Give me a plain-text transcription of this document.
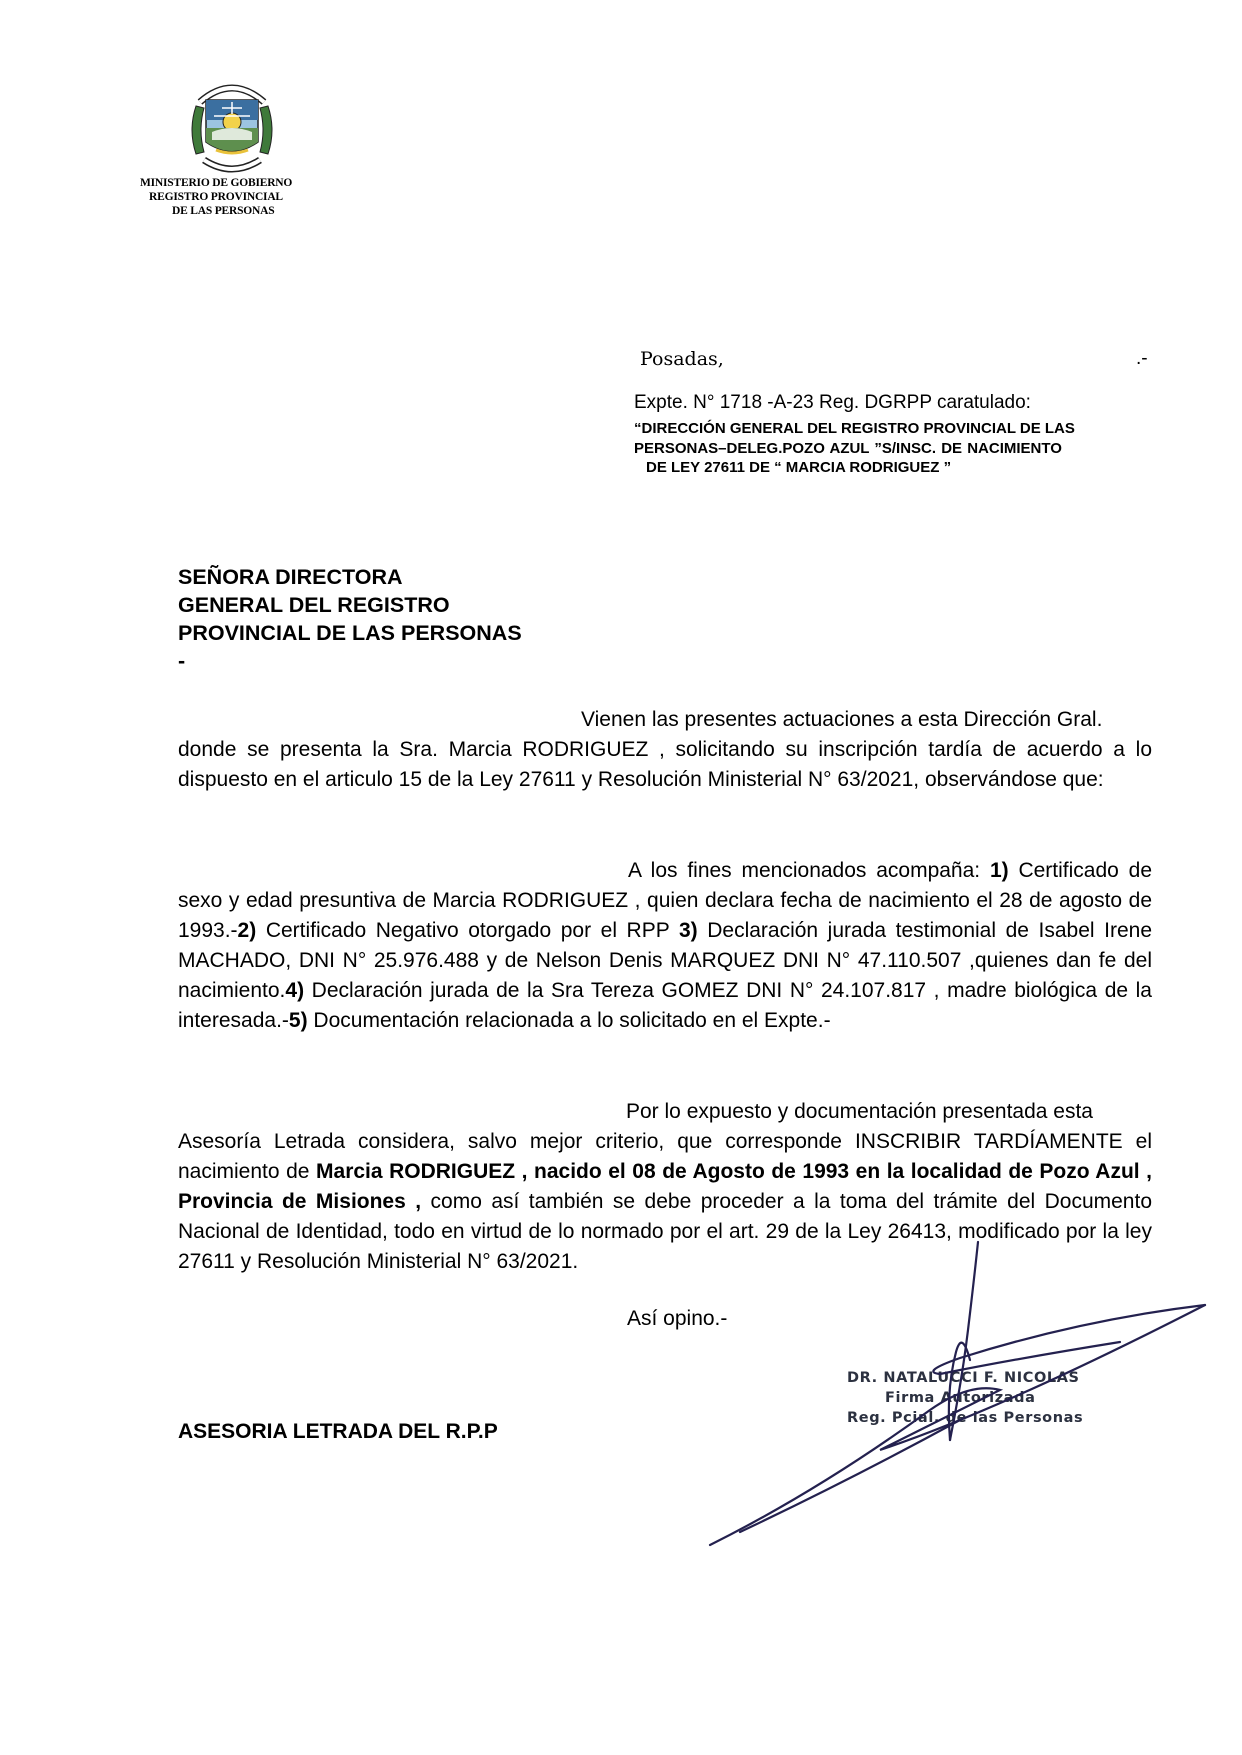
MINISTERIO DE GOBIERNO
REGISTRO PROVINCIAL
DE LAS PERSONAS
Posadas,	.-
Expte. N° 1718 -A-23 Reg. DGRPP caratulado:
“DIRECCIÓN GENERAL DEL REGISTRO PROVINCIAL DE LAS
PERSONAS–DELEG.POZO AZUL ”S/INSC. DE NACIMIENTO
DE LEY 27611 DE “ MARCIA RODRIGUEZ ”
SEÑORA DIRECTORA
GENERAL DEL REGISTRO
PROVINCIAL DE LAS PERSONAS
-
Vienen las presentes actuaciones a esta Dirección Gral.
donde se presenta la Sra. Marcia RODRIGUEZ , solicitando su inscripción tardía de acuerdo a lo dispuesto en el articulo 15 de la Ley 27611 y Resolución Ministerial N° 63/2021, observándose que:
A los fines mencionados acompaña: 1) Certificado de sexo y edad presuntiva de Marcia RODRIGUEZ , quien declara fecha de nacimiento el 28 de agosto de 1993.-2) Certificado Negativo otorgado por el RPP 3) Declaración jurada testimonial de Isabel Irene MACHADO, DNI N° 25.976.488 y de Nelson Denis MARQUEZ DNI N° 47.110.507 ,quienes dan fe del nacimiento.4) Declaración jurada de la Sra Tereza GOMEZ DNI N° 24.107.817 , madre biológica de la interesada.-5) Documentación relacionada a lo solicitado en el Expte.-
Por lo expuesto y documentación presentada esta
Asesoría Letrada considera, salvo mejor criterio, que corresponde INSCRIBIR TARDÍAMENTE el nacimiento de Marcia RODRIGUEZ , nacido el 08 de Agosto de 1993 en la localidad de Pozo Azul , Provincia de Misiones , como así también se debe proceder a la toma del trámite del Documento Nacional de Identidad, todo en virtud de lo normado por el art. 29 de la Ley 26413, modificado por la ley 27611 y Resolución Ministerial N° 63/2021.
Así opino.-
DR. NATALUCCI F. NICOLAS
Firma Autorizada
Reg. Pcial. de las Personas
ASESORIA LETRADA DEL R.P.P
